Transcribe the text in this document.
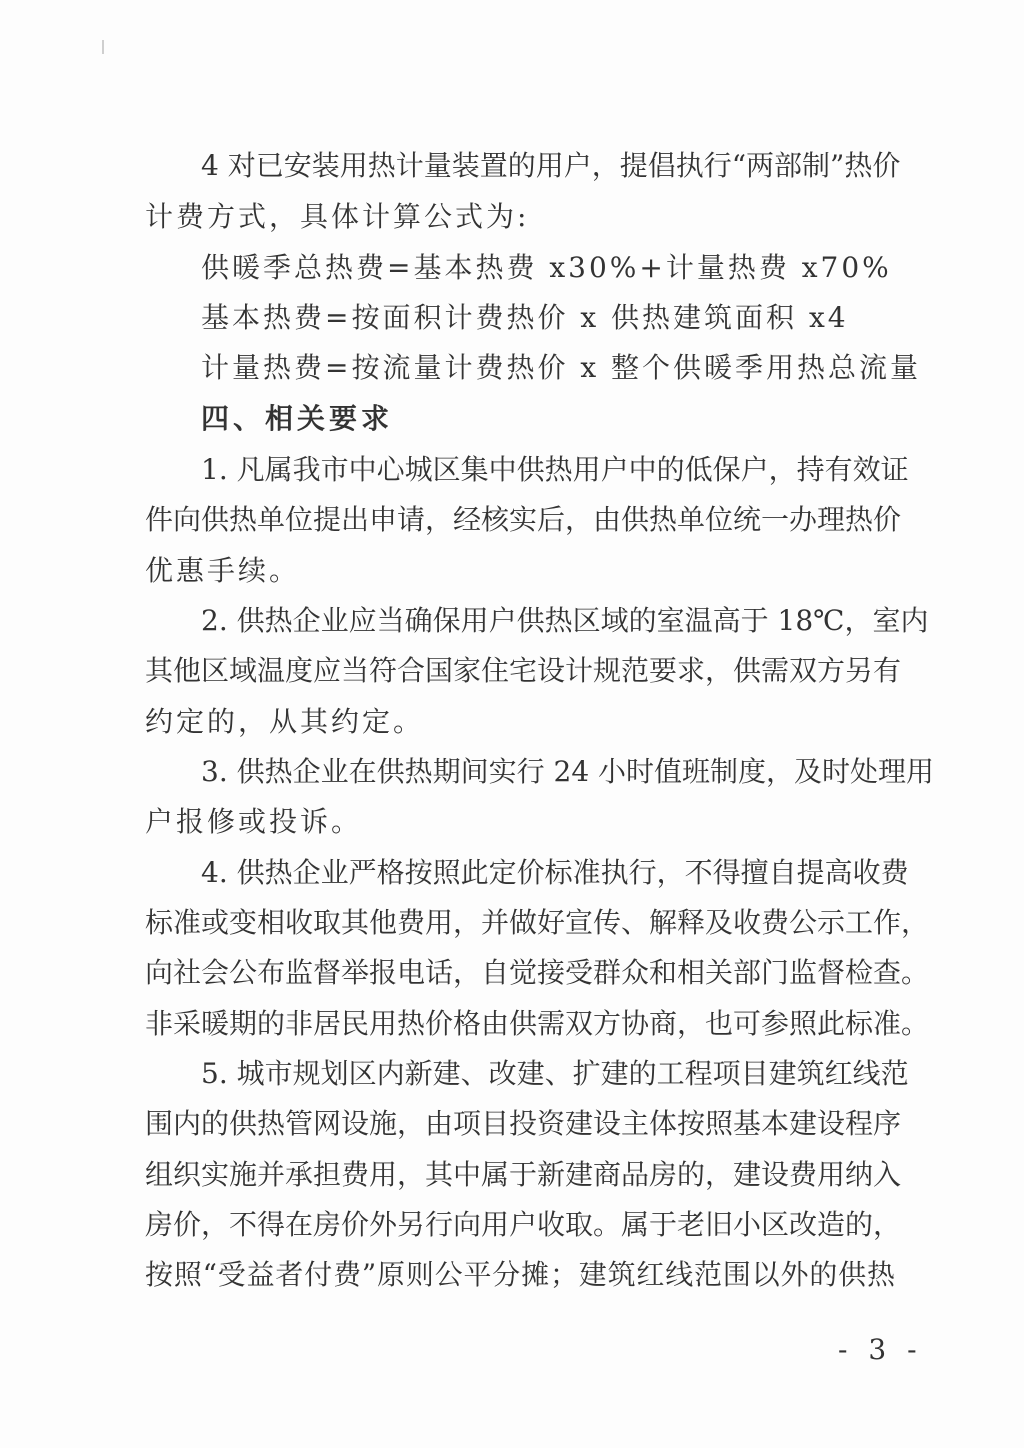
4 对已安装用热计量装置的用户，提倡执行“两部制”热价
计费方式，具体计算公式为:
供暖季总热费=基本热费 x30%+计量热费 x70%
基本热费=按面积计费热价 x 供热建筑面积 x4
计量热费=按流量计费热价 x 整个供暖季用热总流量
四、相关要求
1. 凡属我市中心城区集中供热用户中的低保户，持有效证
件向供热单位提出申请，经核实后，由供热单位统一办理热价
优惠手续。
2. 供热企业应当确保用户供热区域的室温高于 18℃，室内
其他区域温度应当符合国家住宅设计规范要求，供需双方另有
约定的，从其约定。
3. 供热企业在供热期间实行 24 小时值班制度，及时处理用
户报修或投诉。
4. 供热企业严格按照此定价标准执行，不得擅自提高收费
标准或变相收取其他费用，并做好宣传、解释及收费公示工作，
向社会公布监督举报电话，自觉接受群众和相关部门监督检查。
非采暖期的非居民用热价格由供需双方协商，也可参照此标准。
5. 城市规划区内新建、改建、扩建的工程项目建筑红线范
围内的供热管网设施，由项目投资建设主体按照基本建设程序
组织实施并承担费用，其中属于新建商品房的，建设费用纳入
房价，不得在房价外另行向用户收取。属于老旧小区改造的，
按照“受益者付费”原则公平分摊；建筑红线范围以外的供热
- 3 -
